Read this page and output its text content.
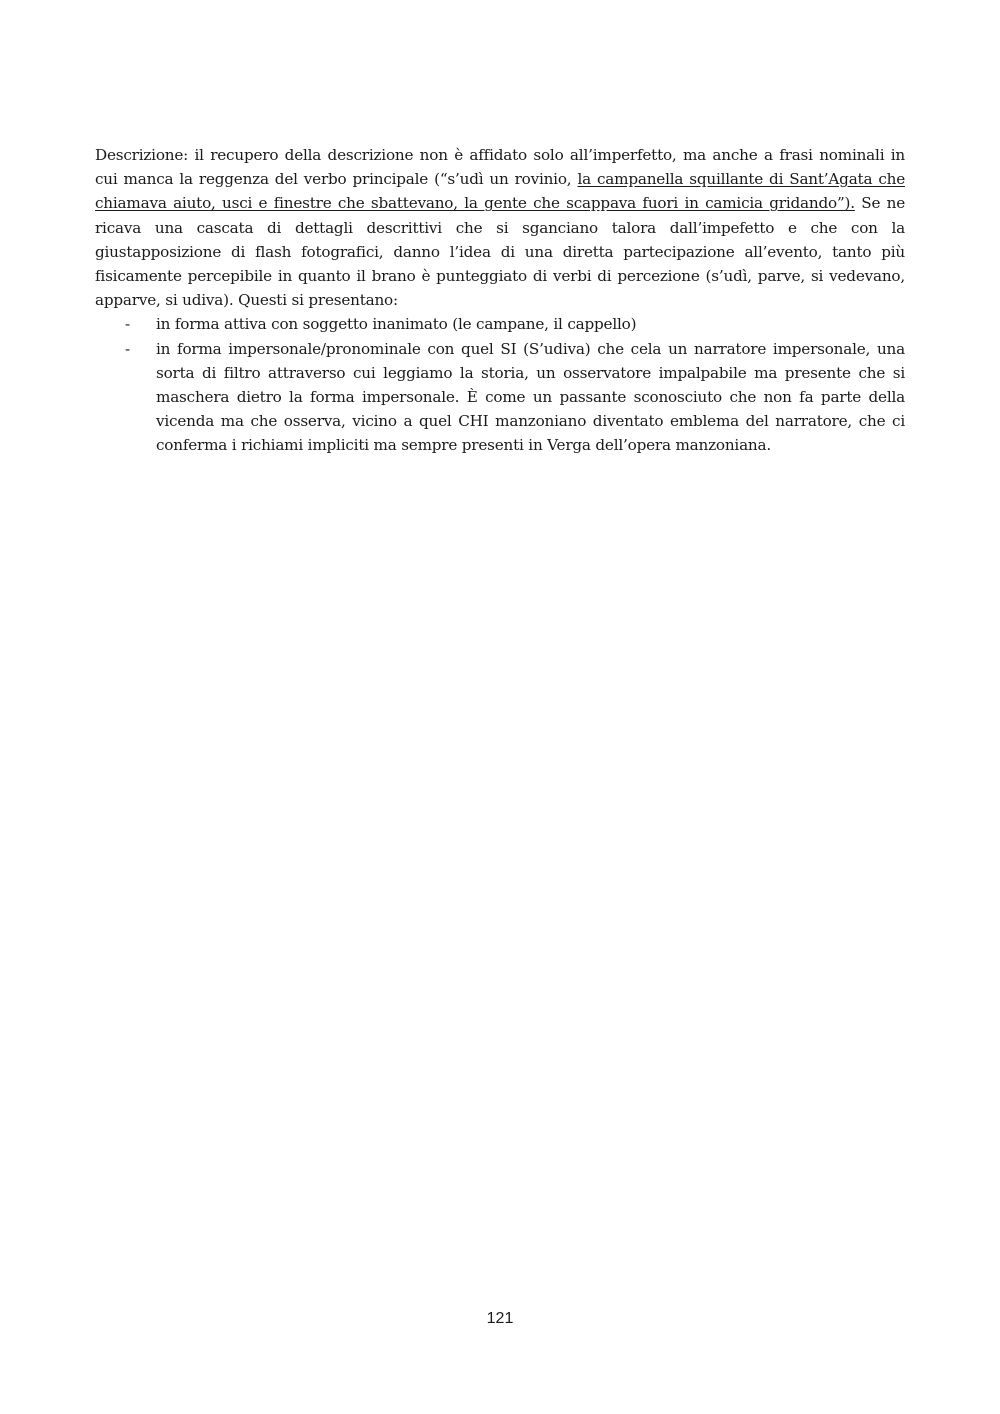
Descrizione: il recupero della descrizione non è affidato solo all’imperfetto, ma anche a frasi nominali in cui manca la reggenza del verbo principale (“s’udì un rovinio, la campanella squillante di Sant’Agata che chiamava aiuto, usci e finestre che sbattevano, la gente che scappava fuori in camicia gridando”). Se ne ricava una cascata di dettagli descrittivi che si sganciano talora dall’impefetto e che con la giustapposizione di flash fotografici, danno l’idea di una diretta partecipazione all’evento, tanto più fisicamente percepibile in quanto il brano è punteggiato di verbi di percezione (s’udì, parve, si vedevano, apparve, si udiva). Questi si presentano:

- in forma attiva con soggetto inanimato (le campane, il cappello)
- in forma impersonale/pronominale con quel SI (S’udiva) che cela un narratore impersonale, una sorta di filtro attraverso cui leggiamo la storia, un osservatore impalpabile ma presente che si maschera dietro la forma impersonale. È come un passante sconosciuto che non fa parte della vicenda ma che osserva, vicino a quel CHI manzoniano diventato emblema del narratore, che ci conferma i richiami impliciti ma sempre presenti in Verga dell’opera manzoniana.
121
